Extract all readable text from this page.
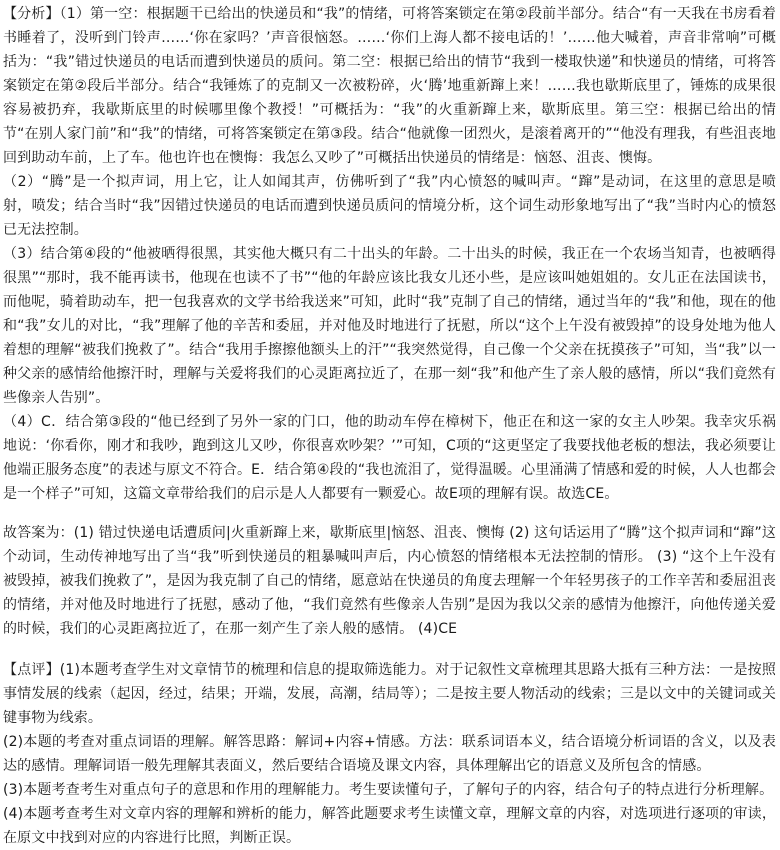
【分析】（1）第一空：根据题干已给出的快递员和“我”的情绪，可将答案锁定在第②段前半部分。结合“有一天我在书房看着书睡着了，没听到门铃声……‘你在家吗？’声音很恼怒。……‘你们上海人都不接电话的！’……他大喊着，声音非常响”可概括为：“我”错过快递员的电话而遭到快递员的质问。第二空：根据已给出的情节“我到一楼取快递”和快递员的情绪，可将答案锁定在第②段后半部分。结合“我锤炼了的克制又一次被粉碎，火‘腾’地重新蹿上来！……我也歇斯底里了，锤炼的成果很容易被扔弃，我歇斯底里的时候哪里像个教授！”可概括为：“我”的火重新蹿上来，歇斯底里。第三空：根据已给出的情节“在别人家门前”和“我”的情绪，可将答案锁定在第③段。结合“他就像一团烈火，是滚着离开的”“他没有理我，有些沮丧地回到助动车前，上了车。他也许也在懊悔：我怎么又吵了”可概括出快递员的情绪是：恼怒、沮丧、懊悔。

（2）“腾”是一个拟声词，用上它，让人如闻其声，仿佛听到了“我”内心愤怒的喊叫声。“蹿”是动词，在这里的意思是喷射，喷发；结合当时“我”因错过快递员的电话而遭到快递员质问的情境分析，这个词生动形象地写出了“我”当时内心的愤怒已无法控制。

（3）结合第④段的“他被晒得很黑，其实他大概只有二十出头的年龄。二十出头的时候，我正在一个农场当知青，也被晒得很黑”“那时，我不能再读书，他现在也读不了书”“他的年龄应该比我女儿还小些，是应该叫她姐姐的。女儿正在法国读书，而他呢，骑着助动车，把一包我喜欢的文学书给我送来”可知，此时“我”克制了自己的情绪，通过当年的“我”和他，现在的他和“我”女儿的对比，“我”理解了他的辛苦和委屈，并对他及时地进行了抚慰，所以“这个上午没有被毁掉”的设身处地为他人着想的理解“被我们挽救了”。结合“我用手擦擦他额头上的汗”“我突然觉得，自己像一个父亲在抚摸孩子”可知，当“我”以一种父亲的感情给他擦汗时，理解与关爱将我们的心灵距离拉近了，在那一刻“我”和他产生了亲人般的感情，所以“我们竟然有些像亲人告别”。

（4）C．结合第③段的“他已经到了另外一家的门口，他的助动车停在樟树下，他正在和这一家的女主人吵架。我幸灾乐祸地说：‘你看你，刚才和我吵，跑到这儿又吵，你很喜欢吵架？’”可知，C项的“这更坚定了我要找他老板的想法，我必须要让他端正服务态度”的表述与原文不符合。E．结合第④段的“我也流泪了，觉得温暖。心里涌满了情感和爱的时候，人人也都会是一个样子”可知，这篇文章带给我们的启示是人人都要有一颗爱心。故E项的理解有误。故选CE。

故答案为：(1) 错过快递电话遭质问|火重新蹿上来，歇斯底里|恼怒、沮丧、懊悔 (2) 这句话运用了“腾”这个拟声词和“蹿”这个动词，生动传神地写出了当“我”听到快递员的粗暴喊叫声后，内心愤怒的情绪根本无法控制的情形。 (3) “这个上午没有被毁掉，被我们挽救了”，是因为我克制了自己的情绪，愿意站在快递员的角度去理解一个年轻男孩子的工作辛苦和委屈沮丧的情绪，并对他及时地进行了抚慰，感动了他，“我们竟然有些像亲人告别”是因为我以父亲的感情为他擦汗，向他传递关爱的时候，我们的心灵距离拉近了，在那一刻产生了亲人般的感情。 (4)CE

【点评】(1)本题考查学生对文章情节的梳理和信息的提取筛选能力。对于记叙性文章梳理其思路大抵有三种方法：一是按照事情发展的线索（起因，经过，结果；开端，发展，高潮，结局等）；二是按主要人物活动的线索；三是以文中的关键词或关键事物为线索。

(2)本题的考查对重点词语的理解。解答思路：解词+内容+情感。方法：联系词语本义，结合语境分析词语的含义，以及表达的感情。理解词语一般先理解其表面义，然后要结合语境及课文内容，具体理解出它的语意义及所包含的情感。

(3)本题考查考生对重点句子的意思和作用的理解能力。考生要读懂句子，了解句子的内容，结合句子的特点进行分析理解。

(4)本题考查考生对文章内容的理解和辨析的能力，解答此题要求考生读懂文章，理解文章的内容，对选项进行逐项的审读，在原文中找到对应的内容进行比照，判断正误。
